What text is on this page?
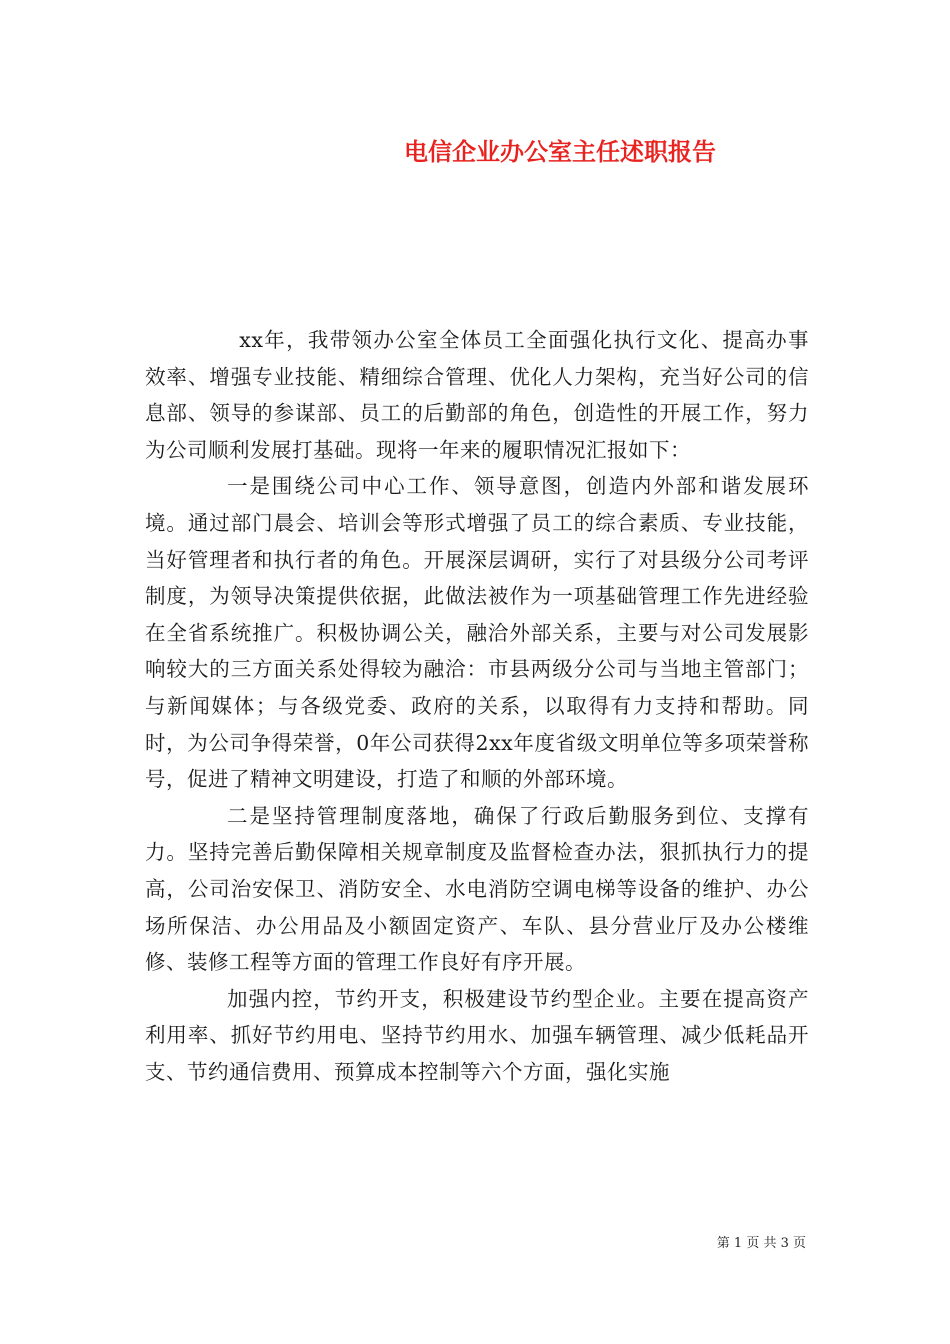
电信企业办公室主任述职报告

xx年，我带领办公室全体员工全面强化执行文化、提高办事效率、增强专业技能、精细综合管理、优化人力架构，充当好公司的信息部、领导的参谋部、员工的后勤部的角色，创造性的开展工作，努力为公司顺利发展打基础。现将一年来的履职情况汇报如下：

一是围绕公司中心工作、领导意图，创造内外部和谐发展环境。通过部门晨会、培训会等形式增强了员工的综合素质、专业技能，当好管理者和执行者的角色。开展深层调研，实行了对县级分公司考评制度，为领导决策提供依据，此做法被作为一项基础管理工作先进经验在全省系统推广。积极协调公关，融洽外部关系，主要与对公司发展影响较大的三方面关系处得较为融洽：市县两级分公司与当地主管部门；与新闻媒体；与各级党委、政府的关系，以取得有力支持和帮助。同时，为公司争得荣誉，0年公司获得2xx年度省级文明单位等多项荣誉称号，促进了精神文明建设，打造了和顺的外部环境。

二是坚持管理制度落地，确保了行政后勤服务到位、支撑有力。坚持完善后勤保障相关规章制度及监督检查办法，狠抓执行力的提高，公司治安保卫、消防安全、水电消防空调电梯等设备的维护、办公场所保洁、办公用品及小额固定资产、车队、县分营业厅及办公楼维修、装修工程等方面的管理工作良好有序开展。

加强内控，节约开支，积极建设节约型企业。主要在提高资产利用率、抓好节约用电、坚持节约用水、加强车辆管理、减少低耗品开支、节约通信费用、预算成本控制等六个方面，强化实施

第 1 页 共 3 页
